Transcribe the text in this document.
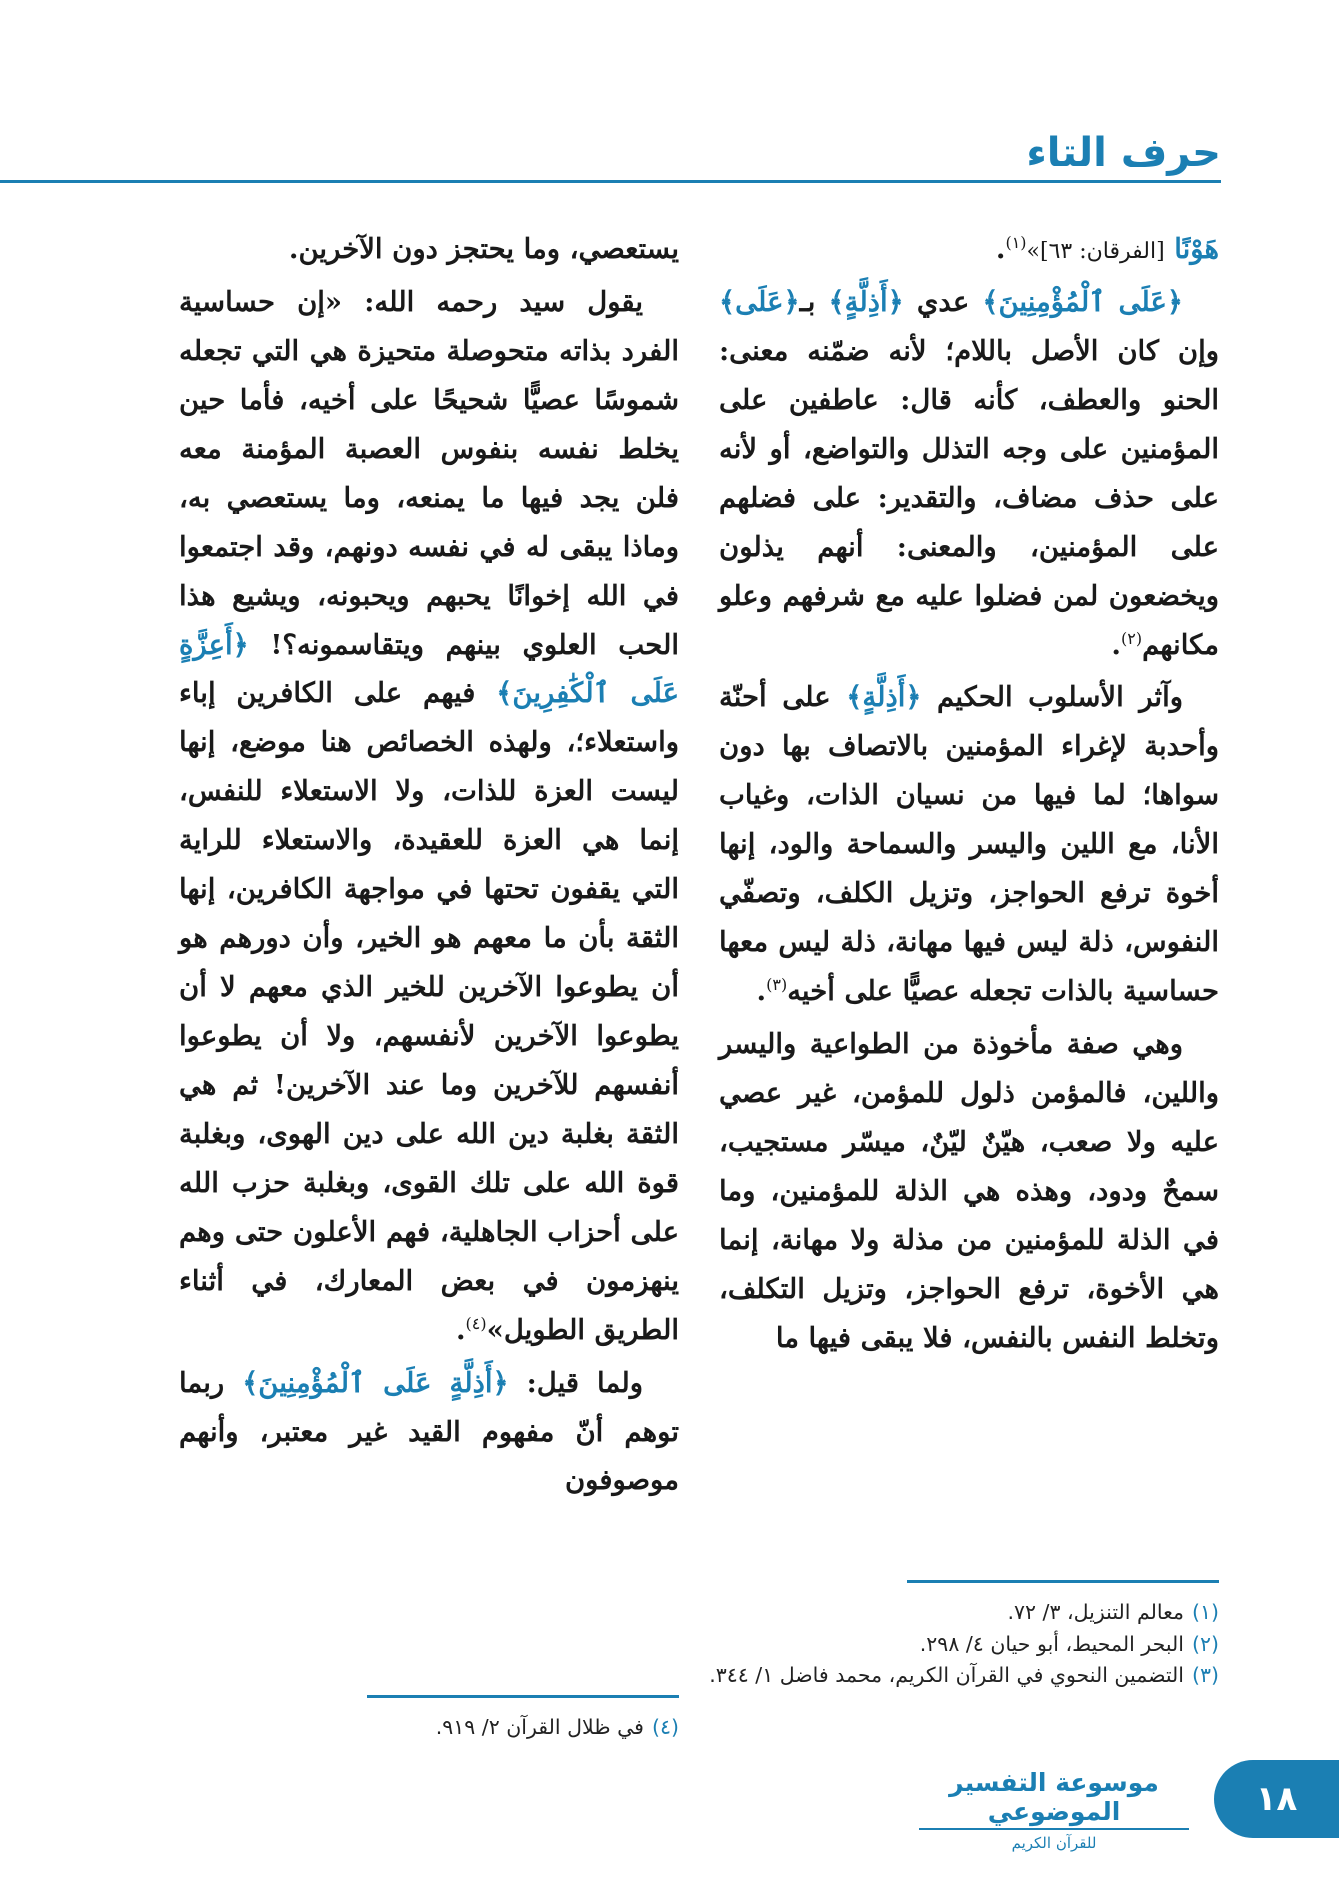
حرف التاء

هَوْنًا [الفرقان: ٦٣]»$^{(١)}$.

﴿عَلَى ٱلْمُؤْمِنِينَ﴾ عدي ﴿أَذِلَّةٍ﴾ بـ﴿عَلَى﴾ وإن كان الأصل باللام؛ لأنه ضمّنه معنى: الحنو والعطف، كأنه قال: عاطفين على المؤمنين على وجه التذلل والتواضع، أو لأنه على حذف مضاف، والتقدير: على فضلهم على المؤمنين، والمعنى: أنهم يذلون ويخضعون لمن فضلوا عليه مع شرفهم وعلو مكانهم$^{(٢)}$.

وآثر الأسلوب الحكيم ﴿أَذِلَّةٍ﴾ على أحنّة وأحدبة لإغراء المؤمنين بالاتصاف بها دون سواها؛ لما فيها من نسيان الذات، وغياب الأنا، مع اللين واليسر والسماحة والود، إنها أخوة ترفع الحواجز، وتزيل الكلف، وتصفّي النفوس، ذلة ليس فيها مهانة، ذلة ليس معها حساسية بالذات تجعله عصيًّا على أخيه$^{(٣)}$.

وهي صفة مأخوذة من الطواعية واليسر واللين، فالمؤمن ذلول للمؤمن، غير عصي عليه ولا صعب، هيّنٌ ليّنٌ، ميسّر مستجيب، سمحٌ ودود، وهذه هي الذلة للمؤمنين، وما في الذلة للمؤمنين من مذلة ولا مهانة، إنما هي الأخوة، ترفع الحواجز، وتزيل التكلف، وتخلط النفس بالنفس، فلا يبقى فيها ما

يستعصي، وما يحتجز دون الآخرين.

يقول سيد رحمه الله: «إن حساسية الفرد بذاته متحوصلة متحيزة هي التي تجعله شموسًا عصيًّا شحيحًا على أخيه، فأما حين يخلط نفسه بنفوس العصبة المؤمنة معه فلن يجد فيها ما يمنعه، وما يستعصي به، وماذا يبقى له في نفسه دونهم، وقد اجتمعوا في الله إخوانًا يحبهم ويحبونه، ويشيع هذا الحب العلوي بينهم ويتقاسمونه؟! ﴿أَعِزَّةٍ عَلَى ٱلْكَٰفِرِينَ﴾ فيهم على الكافرين إباء واستعلاء؛، ولهذه الخصائص هنا موضع، إنها ليست العزة للذات، ولا الاستعلاء للنفس، إنما هي العزة للعقيدة، والاستعلاء للراية التي يقفون تحتها في مواجهة الكافرين، إنها الثقة بأن ما معهم هو الخير، وأن دورهم هو أن يطوعوا الآخرين للخير الذي معهم لا أن يطوعوا الآخرين لأنفسهم، ولا أن يطوعوا أنفسهم للآخرين وما عند الآخرين! ثم هي الثقة بغلبة دين الله على دين الهوى، وبغلبة قوة الله على تلك القوى، وبغلبة حزب الله على أحزاب الجاهلية، فهم الأعلون حتى وهم ينهزمون في بعض المعارك، في أثناء الطريق الطويل»$^{(٤)}$.

ولما قيل: ﴿أَذِلَّةٍ عَلَى ٱلْمُؤْمِنِينَ﴾ ربما توهم أنّ مفهوم القيد غير معتبر، وأنهم موصوفون

(١)معالم التنزيل، ٣/ ٧٢.
(٢)البحر المحيط، أبو حيان ٤/ ٢٩٨.
(٣)التضمين النحوي في القرآن الكريم، محمد فاضل ١/ ٣٤٤.
(٤)في ظلال القرآن ٢/ ٩١٩.
١٨
موسوعة التفسير الموضوعي
للقرآن الكريم
